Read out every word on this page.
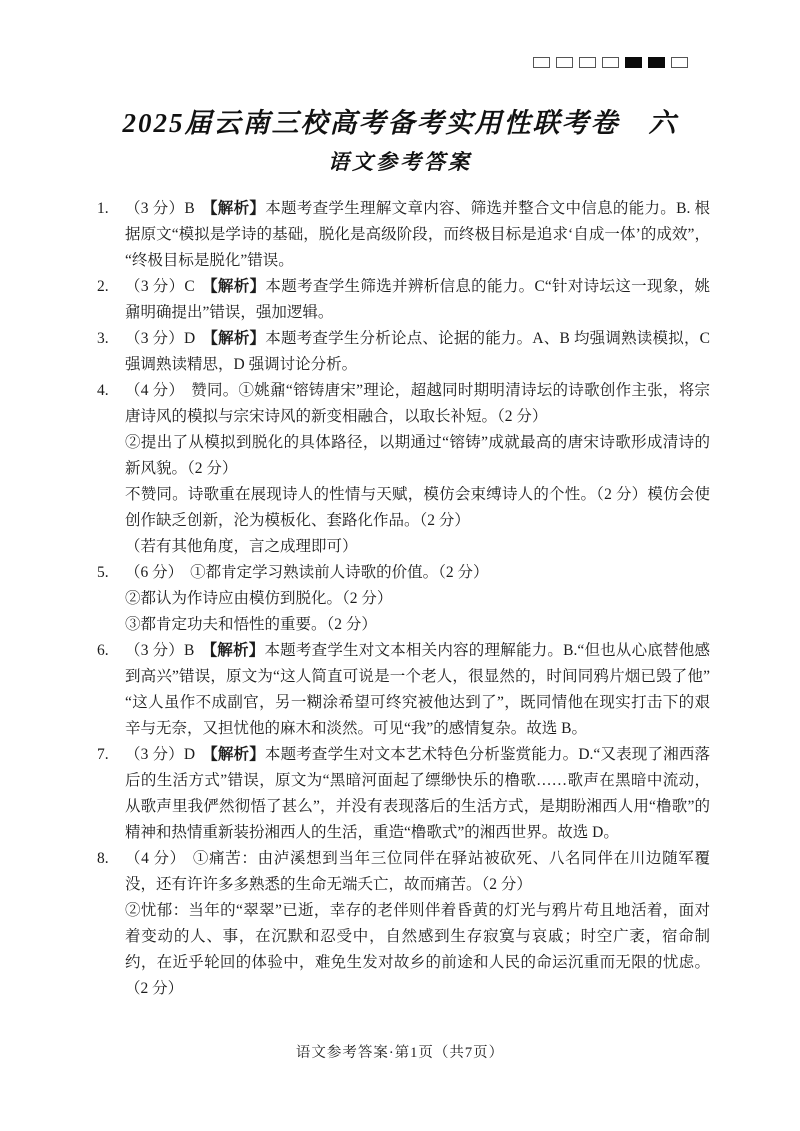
2025届云南三校高考备考实用性联考卷　六
语文参考答案
1. （3 分）B 【解析】本题考查学生理解文章内容、筛选并整合文中信息的能力。B. 根据原文“模拟是学诗的基础，脱化是高级阶段，而终极目标是追求‘自成一体’的成效”，“终极目标是脱化”错误。

2. （3 分）C 【解析】本题考查学生筛选并辨析信息的能力。C“针对诗坛这一现象，姚鼐明确提出”错误，强加逻辑。

3. （3 分）D 【解析】本题考查学生分析论点、论据的能力。A、B 均强调熟读模拟，C 强调熟读精思，D 强调讨论分析。

4. （4 分） 赞同。①姚鼐“镕铸唐宋”理论，超越同时期明清诗坛的诗歌创作主张，将宗唐诗风的模拟与宗宋诗风的新变相融合，以取长补短。（2 分）

②提出了从模拟到脱化的具体路径，以期通过“镕铸”成就最高的唐宋诗歌形成清诗的新风貌。（2 分）

不赞同。诗歌重在展现诗人的性情与天赋，模仿会束缚诗人的个性。（2 分）模仿会使创作缺乏创新，沦为模板化、套路化作品。（2 分）

（若有其他角度，言之成理即可）

5. （6 分） ①都肯定学习熟读前人诗歌的价值。（2 分）

②都认为作诗应由模仿到脱化。（2 分）

③都肯定功夫和悟性的重要。（2 分）

6. （3 分）B 【解析】本题考查学生对文本相关内容的理解能力。B.“但也从心底替他感到高兴”错误，原文为“这人简直可说是一个老人，很显然的，时间同鸦片烟已毁了他”“这人虽作不成副官，另一糊涂希望可终究被他达到了”，既同情他在现实打击下的艰辛与无奈，又担忧他的麻木和淡然。可见“我”的感情复杂。故选 B。

7. （3 分）D 【解析】本题考查学生对文本艺术特色分析鉴赏能力。D.“又表现了湘西落后的生活方式”错误，原文为“黑暗河面起了缥缈快乐的橹歌……歌声在黑暗中流动，从歌声里我俨然彻悟了甚么”，并没有表现落后的生活方式，是期盼湘西人用“橹歌”的精神和热情重新装扮湘西人的生活，重造“橹歌式”的湘西世界。故选 D。

8. （4 分） ①痛苦：由泸溪想到当年三位同伴在驿站被砍死、八名同伴在川边随军覆没，还有许许多多熟悉的生命无端夭亡，故而痛苦。（2 分）

②忧郁：当年的“翠翠”已逝，幸存的老伴则伴着昏黄的灯光与鸦片苟且地活着，面对着变动的人、事，在沉默和忍受中，自然感到生存寂寞与哀戚；时空广袤，宿命制约，在近乎轮回的体验中，难免生发对故乡的前途和人民的命运沉重而无限的忧虑。（2 分）

语文参考答案·第1页（共7页）
